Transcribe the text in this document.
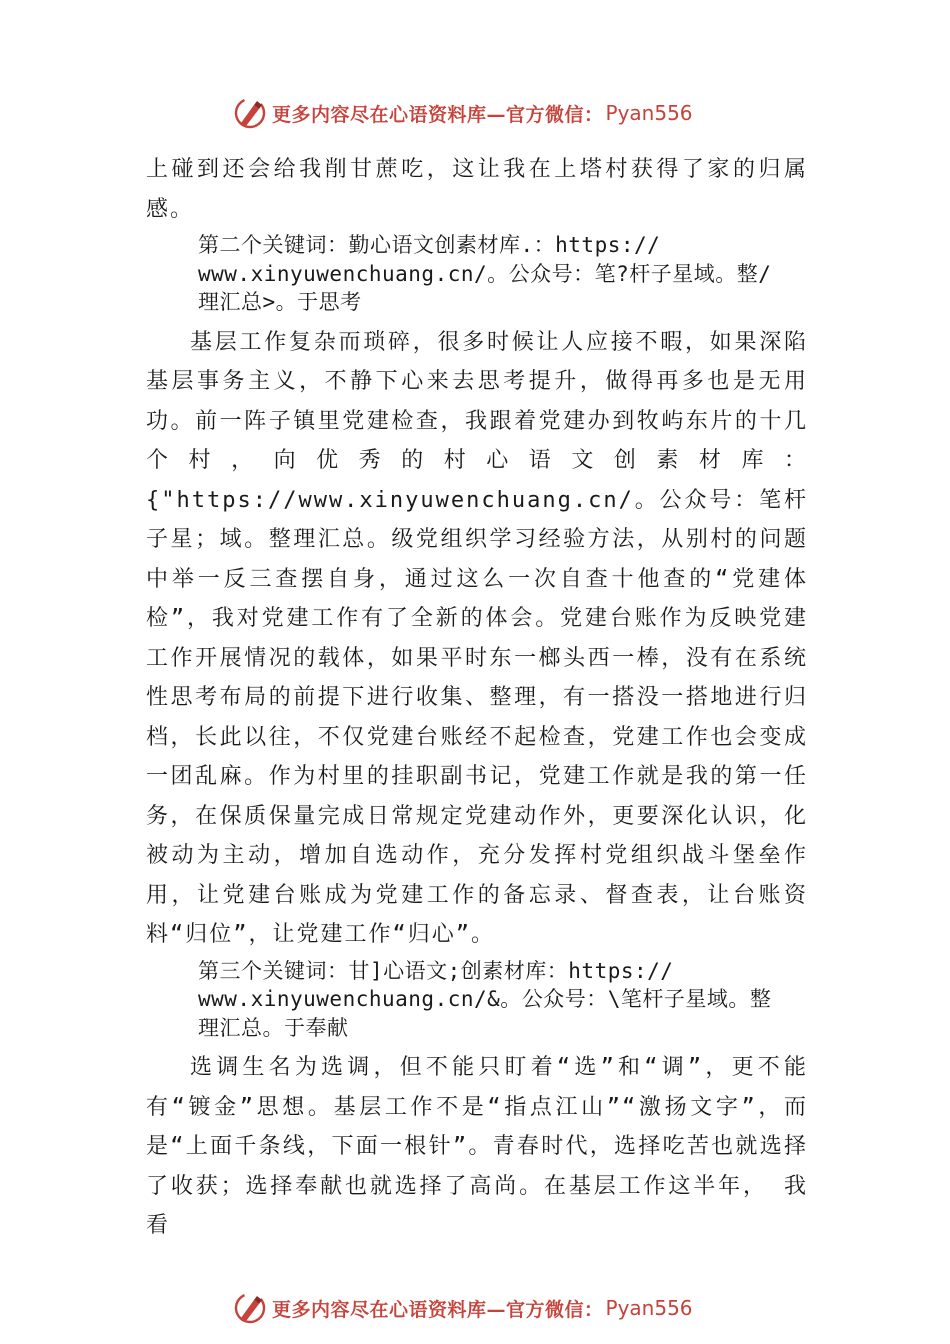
更多内容尽在心语资料库—官方微信： Pyan556

上碰到还会给我削甘蔗吃，这让我在上塔村获得了家的归属感。

第二个关键词：勤心语文创素材库.：https://
www.xinyuwenchuang.cn/。公众号：笔?杆子星域。整/
理汇总>。于思考

基层工作复杂而琐碎，很多时候让人应接不暇，如果深陷基层事务主义，不静下心来去思考提升，做得再多也是无用功。前一阵子镇里党建检查，我跟着党建办到牧屿东片的十几个村，向优秀的村心语文创素材库：{"https://www.xinyuwenchuang.cn/。公众号：笔杆子星；域。整理汇总。级党组织学习经验方法，从别村的问题中举一反三查摆自身，通过这么一次自查十他查的“党建体检”，我对党建工作有了全新的体会。党建台账作为反映党建工作开展情况的载体，如果平时东一榔头西一棒，没有在系统性思考布局的前提下进行收集、整理，有一搭没一搭地进行归档，长此以往，不仅党建台账经不起检查，党建工作也会变成一团乱麻。作为村里的挂职副书记，党建工作就是我的第一任务，在保质保量完成日常规定党建动作外，更要深化认识，化被动为主动，增加自选动作，充分发挥村党组织战斗堡垒作用，让党建台账成为党建工作的备忘录、督查表，让台账资料“归位”，让党建工作“归心”。

第三个关键词：甘]心语文;创素材库：https://
www.xinyuwenchuang.cn/&。公众号：\笔杆子星域。整
理汇总。于奉献

选调生名为选调，但不能只盯着“选”和“调”，更不能有“镀金”思想。基层工作不是“指点江山”“激扬文字”，而是“上面千条线，下面一根针”。青春时代，选择吃苦也就选择了收获；选择奉献也就选择了高尚。在基层工作这半年， 我看

更多内容尽在心语资料库—官方微信： Pyan556
